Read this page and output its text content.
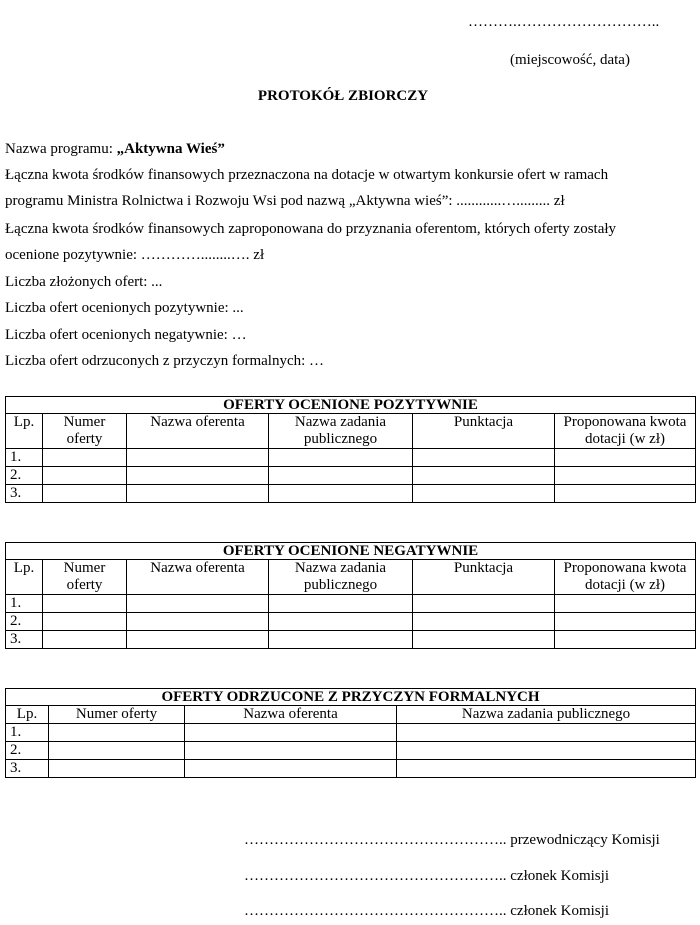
……….………………………..
(miejscowość, data)
PROTOKÓŁ ZBIORCZY
Nazwa programu: „Aktywna Wieś”
Łączna kwota środków finansowych przeznaczona na dotacje w otwartym konkursie ofert w ramach
programu Ministra Rolnictwa i Rozwoju Wsi pod nazwą „Aktywna wieś”: ............…......... zł
Łączna kwota środków finansowych zaproponowana do przyznania oferentom, których oferty zostały
ocenione pozytywnie: …………........…. zł
Liczba złożonych ofert: ...
Liczba ofert ocenionych pozytywnie: ...
Liczba ofert ocenionych negatywnie: …
Liczba ofert odrzuconych z przyczyn formalnych: …
OFERTY OCENIONE POZYTYWNIE					
Lp.	Numer oferty	Nazwa oferenta	Nazwa zadania publicznego	Punktacja	Proponowana kwota dotacji (w zł)
1.					
2.					
3.					
OFERTY OCENIONE NEGATYWNIE					
Lp.	Numer oferty	Nazwa oferenta	Nazwa zadania publicznego	Punktacja	Proponowana kwota dotacji (w zł)
1.					
2.					
3.					
OFERTY ODRZUCONE Z PRZYCZYN FORMALNYCH			
Lp.	Numer oferty	Nazwa oferenta	Nazwa zadania publicznego
1.			
2.			
3.			
…………………………………………….. przewodniczący Komisji
…………………………………………….. członek Komisji
…………………………………………….. członek Komisji
